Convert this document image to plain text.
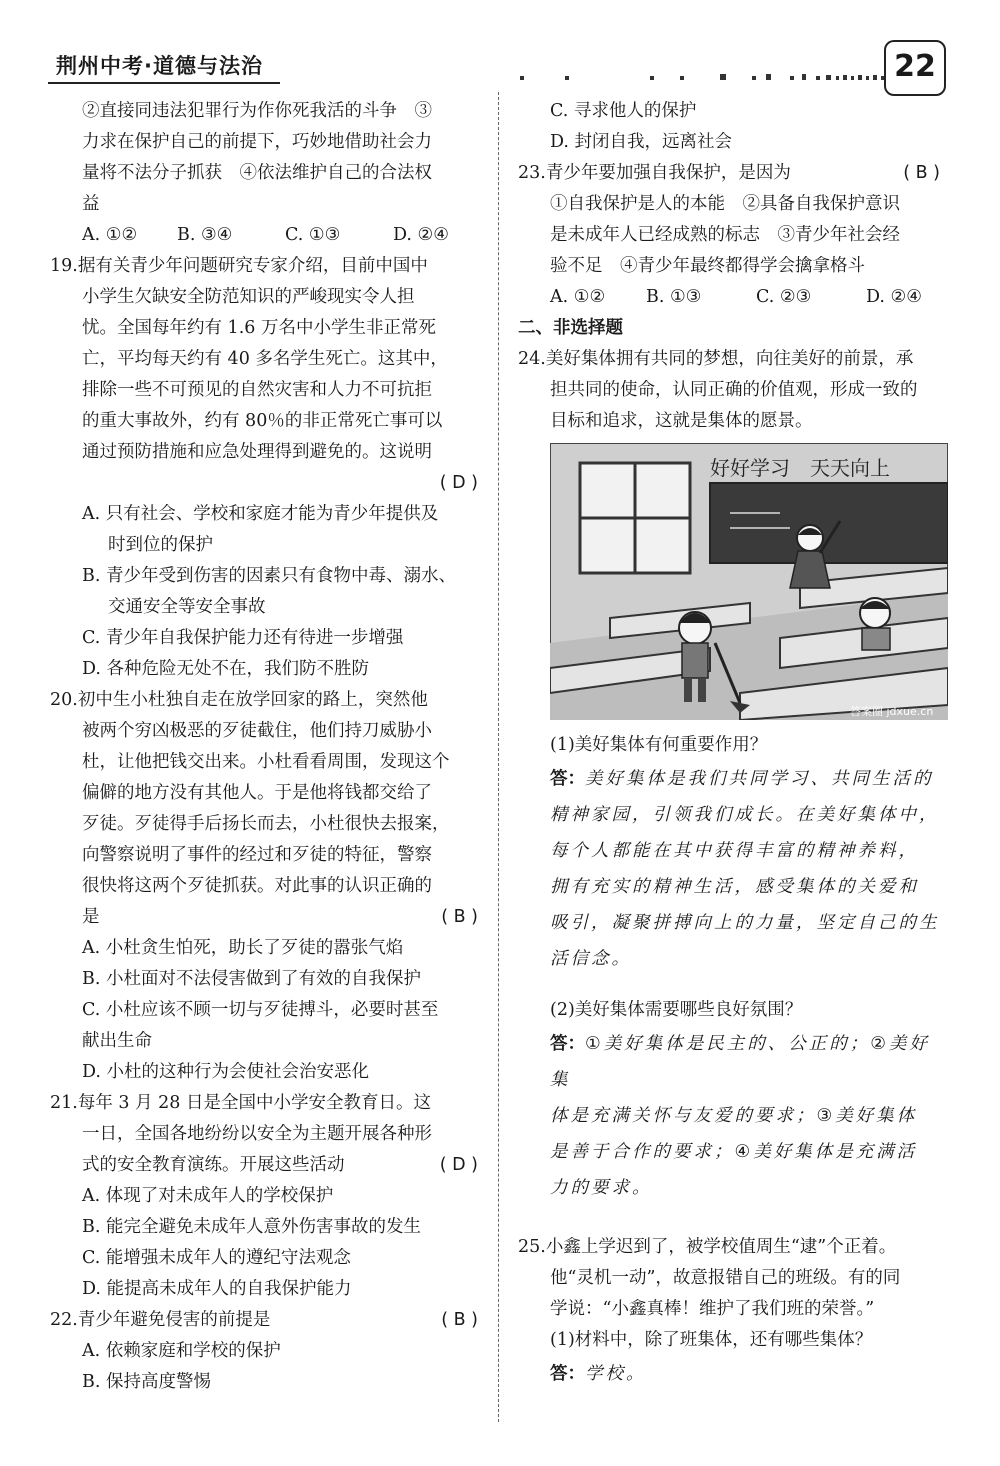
荆州中考·道德与法治	22
②直接同违法犯罪行为作你死我活的斗争　③
力求在保护自己的前提下，巧妙地借助社会力
量将不法分子抓获　④依法维护自己的合法权
益
A. ①②	B. ③④	C. ①③	D. ②④
19.据有关青少年问题研究专家介绍，目前中国中
小学生欠缺安全防范知识的严峻现实令人担
忧。全国每年约有 1.6 万名中小学生非正常死
亡，平均每天约有 40 多名学生死亡。这其中，
排除一些不可预见的自然灾害和人力不可抗拒
的重大事故外，约有 80％的非正常死亡事可以
通过预防措施和应急处理得到避免的。这说明
( D )
A. 只有社会、学校和家庭才能为青少年提供及
时到位的保护
B. 青少年受到伤害的因素只有食物中毒、溺水、
交通安全等安全事故
C. 青少年自我保护能力还有待进一步增强
D. 各种危险无处不在，我们防不胜防
20.初中生小杜独自走在放学回家的路上，突然他
被两个穷凶极恶的歹徒截住，他们持刀威胁小
杜，让他把钱交出来。小杜看看周围，发现这个
偏僻的地方没有其他人。于是他将钱都交给了
歹徒。歹徒得手后扬长而去，小杜很快去报案，
向警察说明了事件的经过和歹徒的特征，警察
很快将这两个歹徒抓获。对此事的认识正确的
是	( B )
A. 小杜贪生怕死，助长了歹徒的嚣张气焰
B. 小杜面对不法侵害做到了有效的自我保护
C. 小杜应该不顾一切与歹徒搏斗，必要时甚至
献出生命
D. 小杜的这种行为会使社会治安恶化
21.每年 3 月 28 日是全国中小学安全教育日。这
一日，全国各地纷纷以安全为主题开展各种形
式的安全教育演练。开展这些活动	( D )
A. 体现了对未成年人的学校保护
B. 能完全避免未成年人意外伤害事故的发生
C. 能增强未成年人的遵纪守法观念
D. 能提高未成年人的自我保护能力
22.青少年避免侵害的前提是	( B )
A. 依赖家庭和学校的保护
B. 保持高度警惕
C. 寻求他人的保护
D. 封闭自我，远离社会
23.青少年要加强自我保护，是因为	( B )
①自我保护是人的本能　②具备自我保护意识
是未成年人已经成熟的标志　③青少年社会经
验不足　④青少年最终都得学会擒拿格斗
A. ①②	B. ①③	C. ②③	D. ②④
二、非选择题
24.美好集体拥有共同的梦想，向往美好的前景，承
担共同的使命，认同正确的价值观，形成一致的
目标和追求，这就是集体的愿景。
好好学习　天天向上
答案圈 jdxue.cn
(1)美好集体有何重要作用？
答：美好集体是我们共同学习、共同生活的
精神家园，引领我们成长。在美好集体中，
每个人都能在其中获得丰富的精神养料，
拥有充实的精神生活，感受集体的关爱和
吸引，凝聚拼搏向上的力量，坚定自己的生
活信念。
(2)美好集体需要哪些良好氛围？
答：①美好集体是民主的、公正的；②美好集
体是充满关怀与友爱的要求；③美好集体
是善于合作的要求；④美好集体是充满活
力的要求。
25.小鑫上学迟到了，被学校值周生“逮”个正着。
他“灵机一动”，故意报错自己的班级。有的同
学说：“小鑫真棒！维护了我们班的荣誉。”
(1)材料中，除了班集体，还有哪些集体？
答：学校。
